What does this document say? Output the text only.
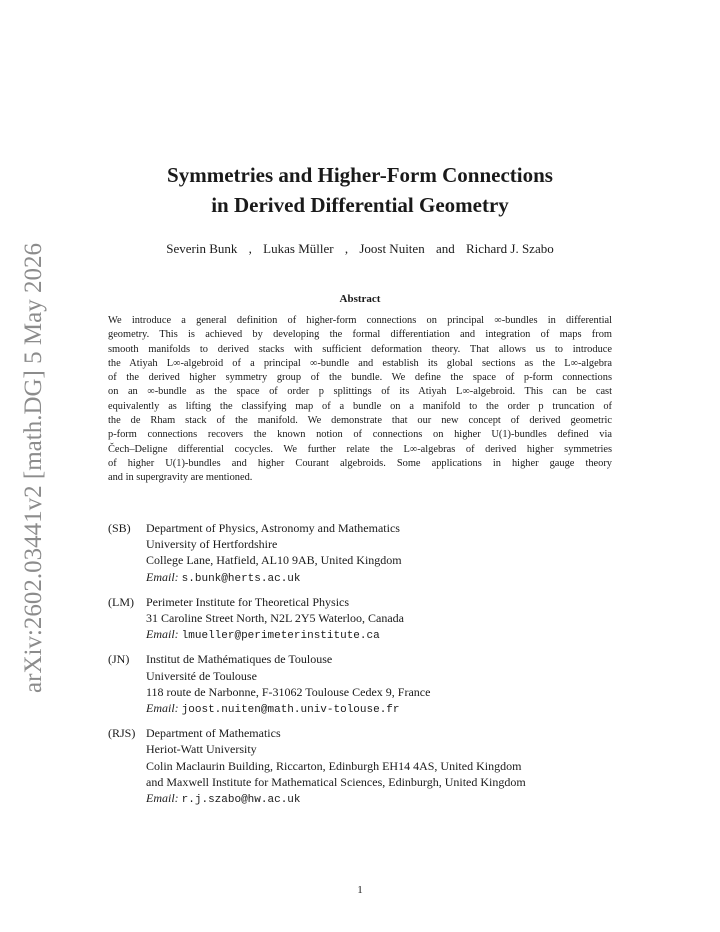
arXiv:2602.03441v2 [math.DG] 5 May 2026
Symmetries and Higher-Form Connections
in Derived Differential Geometry
Severin Bunk , Lukas Müller , Joost Nuiten and Richard J. Szabo
Abstract
We introduce a general definition of higher-form connections on principal ∞-bundles in differential
geometry. This is achieved by developing the formal differentiation and integration of maps from
smooth manifolds to derived stacks with sufficient deformation theory. That allows us to introduce
the Atiyah L∞-algebroid of a principal ∞-bundle and establish its global sections as the L∞-algebra
of the derived higher symmetry group of the bundle. We define the space of p-form connections
on an ∞-bundle as the space of order p splittings of its Atiyah L∞-algebroid. This can be cast
equivalently as lifting the classifying map of a bundle on a manifold to the order p truncation of
the de Rham stack of the manifold. We demonstrate that our new concept of derived geometric
p-form connections recovers the known notion of connections on higher U(1)-bundles defined via
Čech–Deligne differential cocycles. We further relate the L∞-algebras of derived higher symmetries
of higher U(1)-bundles and higher Courant algebroids. Some applications in higher gauge theory
and in supergravity are mentioned.
(SB)	Department of Physics, Astronomy and Mathematics
University of Hertfordshire
College Lane, Hatfield, AL10 9AB, United Kingdom
Email: s.bunk@herts.ac.uk
(LM)	Perimeter Institute for Theoretical Physics
31 Caroline Street North, N2L 2Y5 Waterloo, Canada
Email: lmueller@perimeterinstitute.ca
(JN)	Institut de Mathématiques de Toulouse
Université de Toulouse
118 route de Narbonne, F-31062 Toulouse Cedex 9, France
Email: joost.nuiten@math.univ-tolouse.fr
(RJS) Department of Mathematics
Heriot-Watt University
Colin Maclaurin Building, Riccarton, Edinburgh EH14 4AS, United Kingdom
and Maxwell Institute for Mathematical Sciences, Edinburgh, United Kingdom
Email: r.j.szabo@hw.ac.uk
1
